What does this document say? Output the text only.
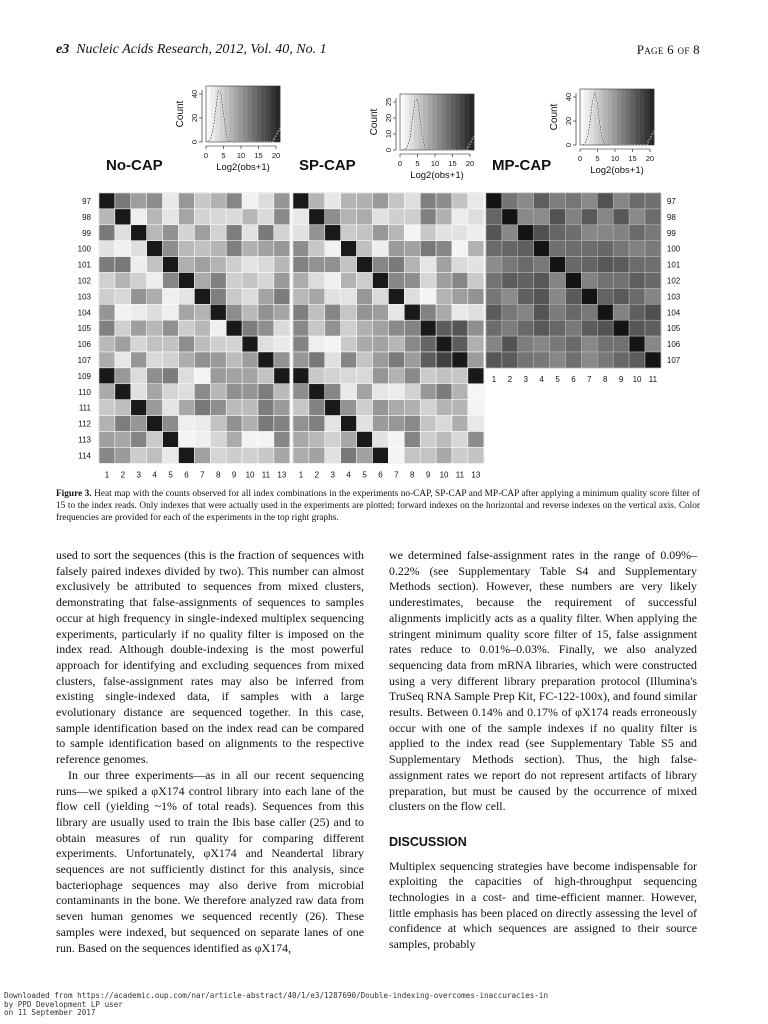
e3 Nucleic Acids Research, 2012, Vol. 40, No. 1	Page 6 of 8
97
98
99
100
101
102
103
104
105
106
107
109
110
111
112
113
114
1 2 3 4 5 6 7 8 9 10 11 13
No-CAP
0
20
40
Count
0 5 10 15 20
Log2(obs+1)
1 2 3 4 5 6 7 8 9 10 11 13
SP-CAP
0
10
20
25
Count
0 5 10 15 20
Log2(obs+1)
97
98
99
100
101
102
103
104
105
106
107
1 2 3 4 5 6 7 8 9 10 11
MP-CAP
0
20
40
Count
0 5 10 15 20
Log2(obs+1)
Figure 3. Heat map with the counts observed for all index combinations in the experiments no-CAP, SP-CAP and MP-CAP after applying a minimum quality score filter of 15 to the index reads. Only indexes that were actually used in the experiments are plotted; forward indexes on the horizontal and reverse indexes on the vertical axis. Color frequencies are provided for each of the experiments in the top right graphs.

used to sort the sequences (this is the fraction of sequences with falsely paired indexes divided by two). This number can almost exclusively be attributed to sequences from mixed clusters, demonstrating that false-assignments of sequences to samples occur at high frequency in single-indexed multiplex sequencing experiments, particularly if no quality filter is imposed on the index read. Although double-indexing is the most powerful approach for identifying and excluding sequences from mixed clusters, false-assignment rates may also be inferred from existing single-indexed data, if samples with a large evolutionary distance are sequenced together. In this case, sample identification based on the index read can be compared to sample identification based on alignments to the respective reference genomes.

In our three experiments—as in all our recent sequencing runs—we spiked a φX174 control library into each lane of the flow cell (yielding ~1% of total reads). Sequences from this library are usually used to train the Ibis base caller (25) and to obtain measures of run quality for comparing different experiments. Unfortunately, φX174 and Neandertal library sequences are not sufficiently distinct for this analysis, since bacteriophage sequences may also derive from microbial contaminants in the bone. We therefore analyzed raw data from seven human genomes we sequenced recently (26). These samples were indexed, but sequenced on separate lanes of one run. Based on the sequences identified as φX174,

we determined false-assignment rates in the range of 0.09%–0.22% (see Supplementary Table S4 and Supplementary Methods section). However, these numbers are very likely underestimates, because the requirement of successful alignments implicitly acts as a quality filter. When applying the stringent minimum quality score filter of 15, false assignment rates reduce to 0.01%–0.03%. Finally, we also analyzed sequencing data from mRNA libraries, which were constructed using a very different library preparation protocol (Illumina's TruSeq RNA Sample Prep Kit, FC-122-100x), and found similar results. Between 0.14% and 0.17% of φX174 reads erroneously occur with one of the sample indexes if no quality filter is applied to the index read (see Supplementary Table S5 and Supplementary Methods section). Thus, the high false-assignment rates we report do not represent artifacts of library preparation, but must be caused by the occurrence of mixed clusters on the flow cell.

DISCUSSION

Multiplex sequencing strategies have become indispensable for exploiting the capacities of high-throughput sequencing technologies in a cost- and time-efficient manner. However, little emphasis has been placed on directly assessing the level of confidence at which sequences are assigned to their source samples, probably

Downloaded from https://academic.oup.com/nar/article-abstract/40/1/e3/1287690/Double-indexing-overcomes-inaccuracies-in
by PPD Development LP user
on 11 September 2017
